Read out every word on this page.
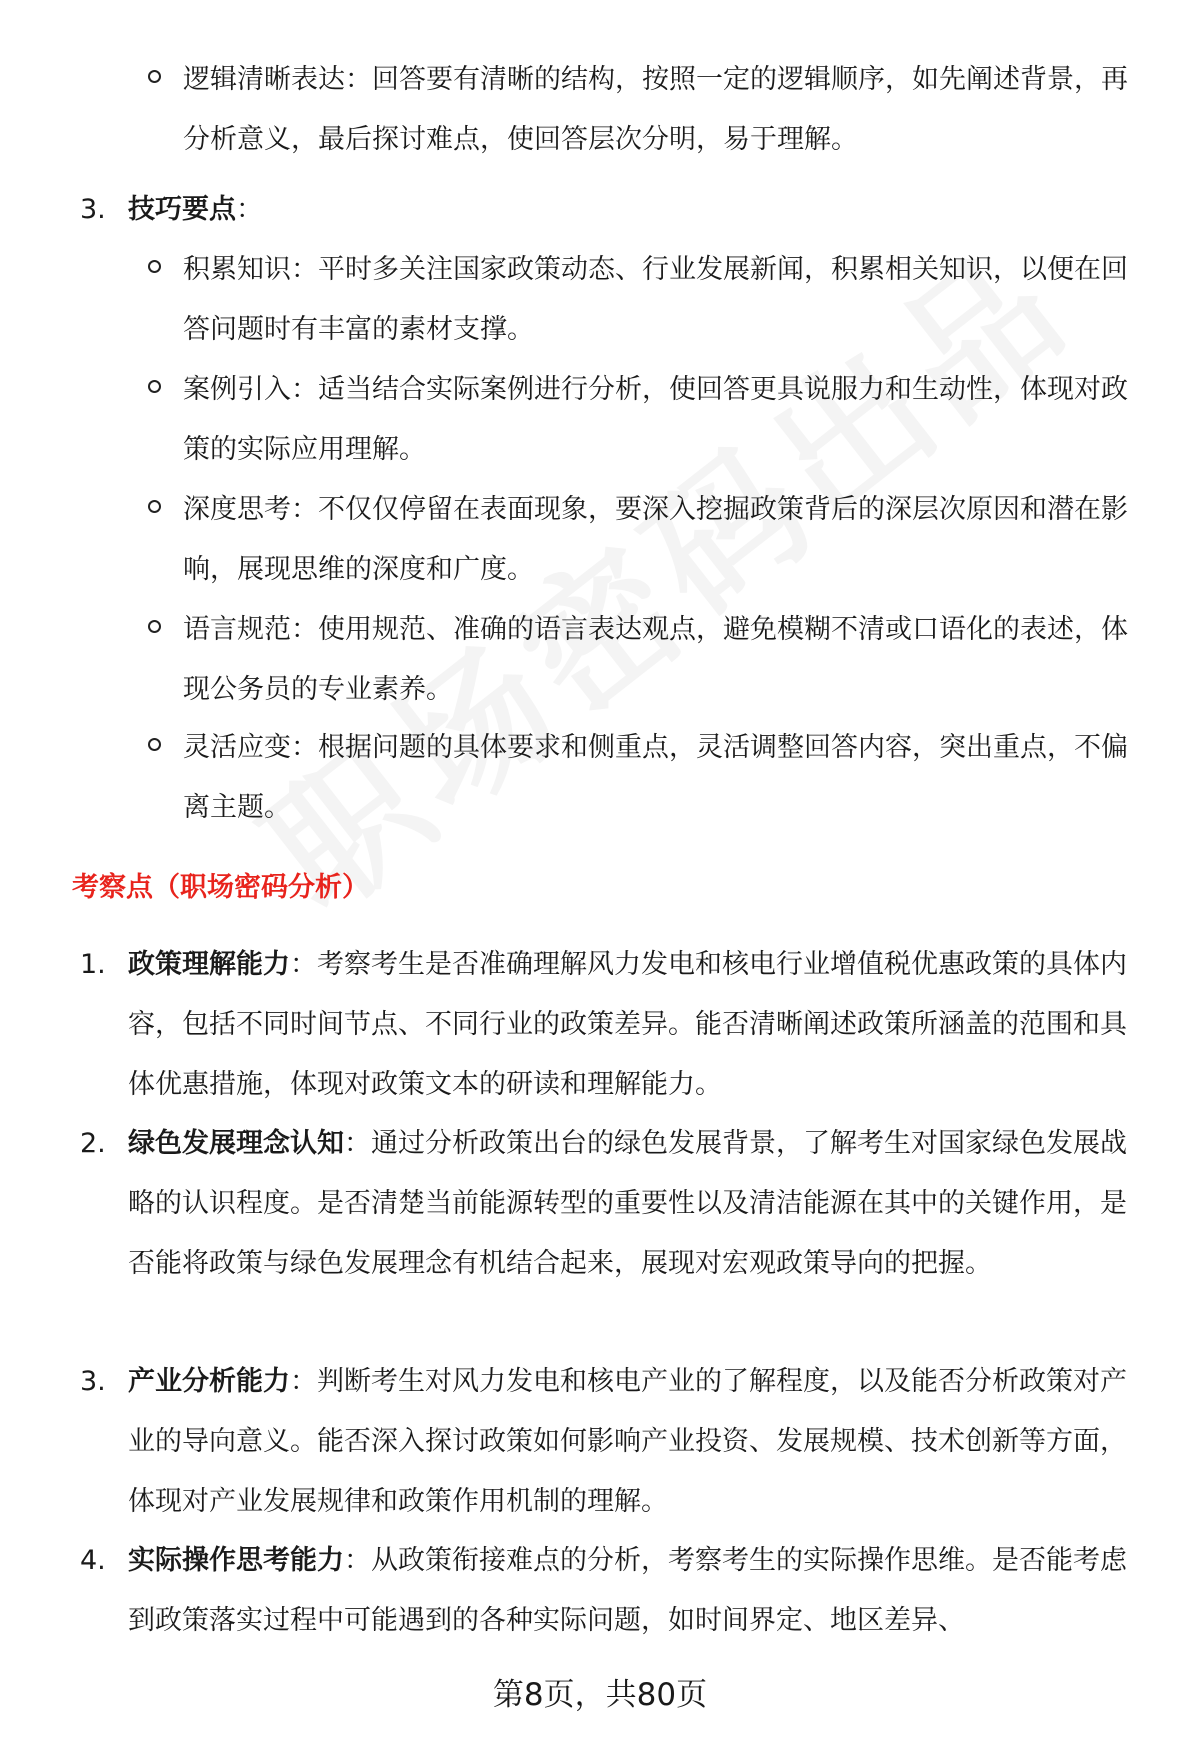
逻辑清晰表达：回答要有清晰的结构，按照一定的逻辑顺序，如先阐述背景，再分析意义，最后探讨难点，使回答层次分明，易于理解。
3. 技巧要点：
积累知识：平时多关注国家政策动态、行业发展新闻，积累相关知识，以便在回答问题时有丰富的素材支撑。
案例引入：适当结合实际案例进行分析，使回答更具说服力和生动性，体现对政策的实际应用理解。
深度思考：不仅仅停留在表面现象，要深入挖掘政策背后的深层次原因和潜在影响，展现思维的深度和广度。
语言规范：使用规范、准确的语言表达观点，避免模糊不清或口语化的表述，体现公务员的专业素养。
灵活应变：根据问题的具体要求和侧重点，灵活调整回答内容，突出重点，不偏离主题。
考察点（职场密码分析）
1. 政策理解能力：考察考生是否准确理解风力发电和核电行业增值税优惠政策的具体内容，包括不同时间节点、不同行业的政策差异。能否清晰阐述政策所涵盖的范围和具体优惠措施，体现对政策文本的研读和理解能力。
2. 绿色发展理念认知：通过分析政策出台的绿色发展背景，了解考生对国家绿色发展战略的认识程度。是否清楚当前能源转型的重要性以及清洁能源在其中的关键作用，是否能将政策与绿色发展理念有机结合起来，展现对宏观政策导向的把握。
3. 产业分析能力：判断考生对风力发电和核电产业的了解程度，以及能否分析政策对产业的导向意义。能否深入探讨政策如何影响产业投资、发展规模、技术创新等方面，体现对产业发展规律和政策作用机制的理解。
4. 实际操作思考能力：从政策衔接难点的分析，考察考生的实际操作思维。是否能考虑到政策落实过程中可能遇到的各种实际问题，如时间界定、地区差异、
第8页，共80页
